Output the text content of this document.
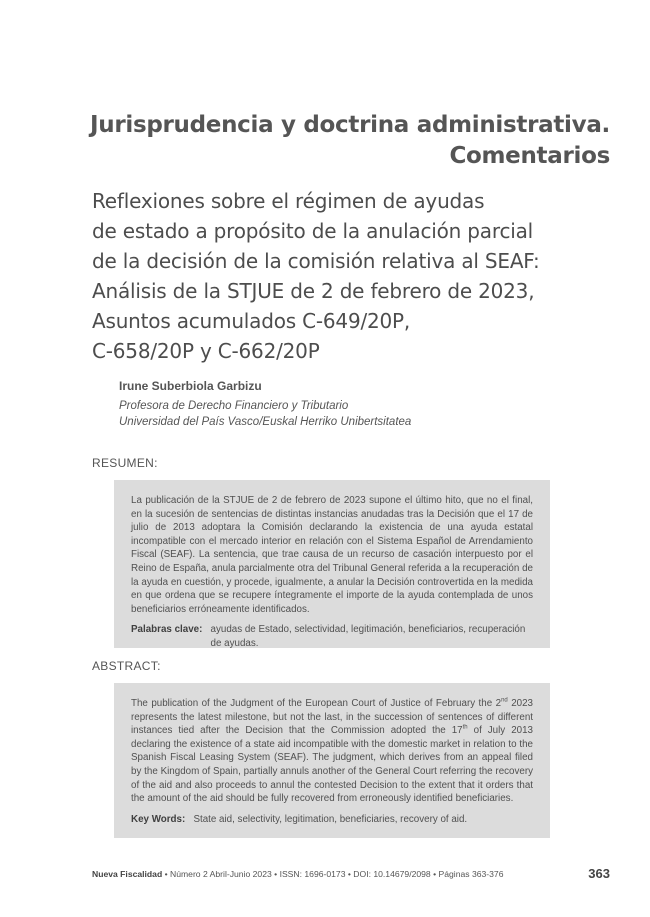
Jurisprudencia y doctrina administrativa.
Comentarios
Reflexiones sobre el régimen de ayudas
de estado a propósito de la anulación parcial
de la decisión de la comisión relativa al SEAF:
Análisis de la STJUE de 2 de febrero de 2023,
Asuntos acumulados C-649/20P,
C-658/20P y C-662/20P
Irune Suberbiola Garbizu
Profesora de Derecho Financiero y Tributario
Universidad del País Vasco/Euskal Herriko Unibertsitatea
RESUMEN:

La publicación de la STJUE de 2 de febrero de 2023 supone el último hito, que no el final, en la sucesión de sentencias de distintas instancias anudadas tras la Decisión que el 17 de julio de 2013 adoptara la Comisión declarando la existencia de una ayuda estatal incompatible con el mercado interior en relación con el Sistema Español de Arrendamiento Fiscal (SEAF). La sentencia, que trae causa de un recurso de casación interpuesto por el Reino de España, anula parcialmente otra del Tribunal General referida a la recuperación de la ayuda en cuestión, y procede, igualmente, a anular la Decisión controvertida en la medida en que ordena que se recupere íntegramente el importe de la ayuda contemplada de unos beneficiarios erróneamente identificados.

Palabras clave: ayudas de Estado, selectividad, legitimación, beneficiarios, recuperación de ayudas.
ABSTRACT:

The publication of the Judgment of the European Court of Justice of February the 2nd 2023 represents the latest milestone, but not the last, in the succession of sentences of different instances tied after the Decision that the Commission adopted the 17th of July 2013 declaring the existence of a state aid incompatible with the domestic market in relation to the Spanish Fiscal Leasing System (SEAF). The judgment, which derives from an appeal filed by the Kingdom of Spain, partially annuls another of the General Court referring the recovery of the aid and also proceeds to annul the contested Decision to the extent that it orders that the amount of the aid should be fully recovered from erroneously identified beneficiaries.

Key Words: State aid, selectivity, legitimation, beneficiaries, recovery of aid.
Nueva Fiscalidad • Número 2 Abril-Junio 2023 • ISSN: 1696-0173 • DOI: 10.14679/2098 • Páginas 363-376	363
